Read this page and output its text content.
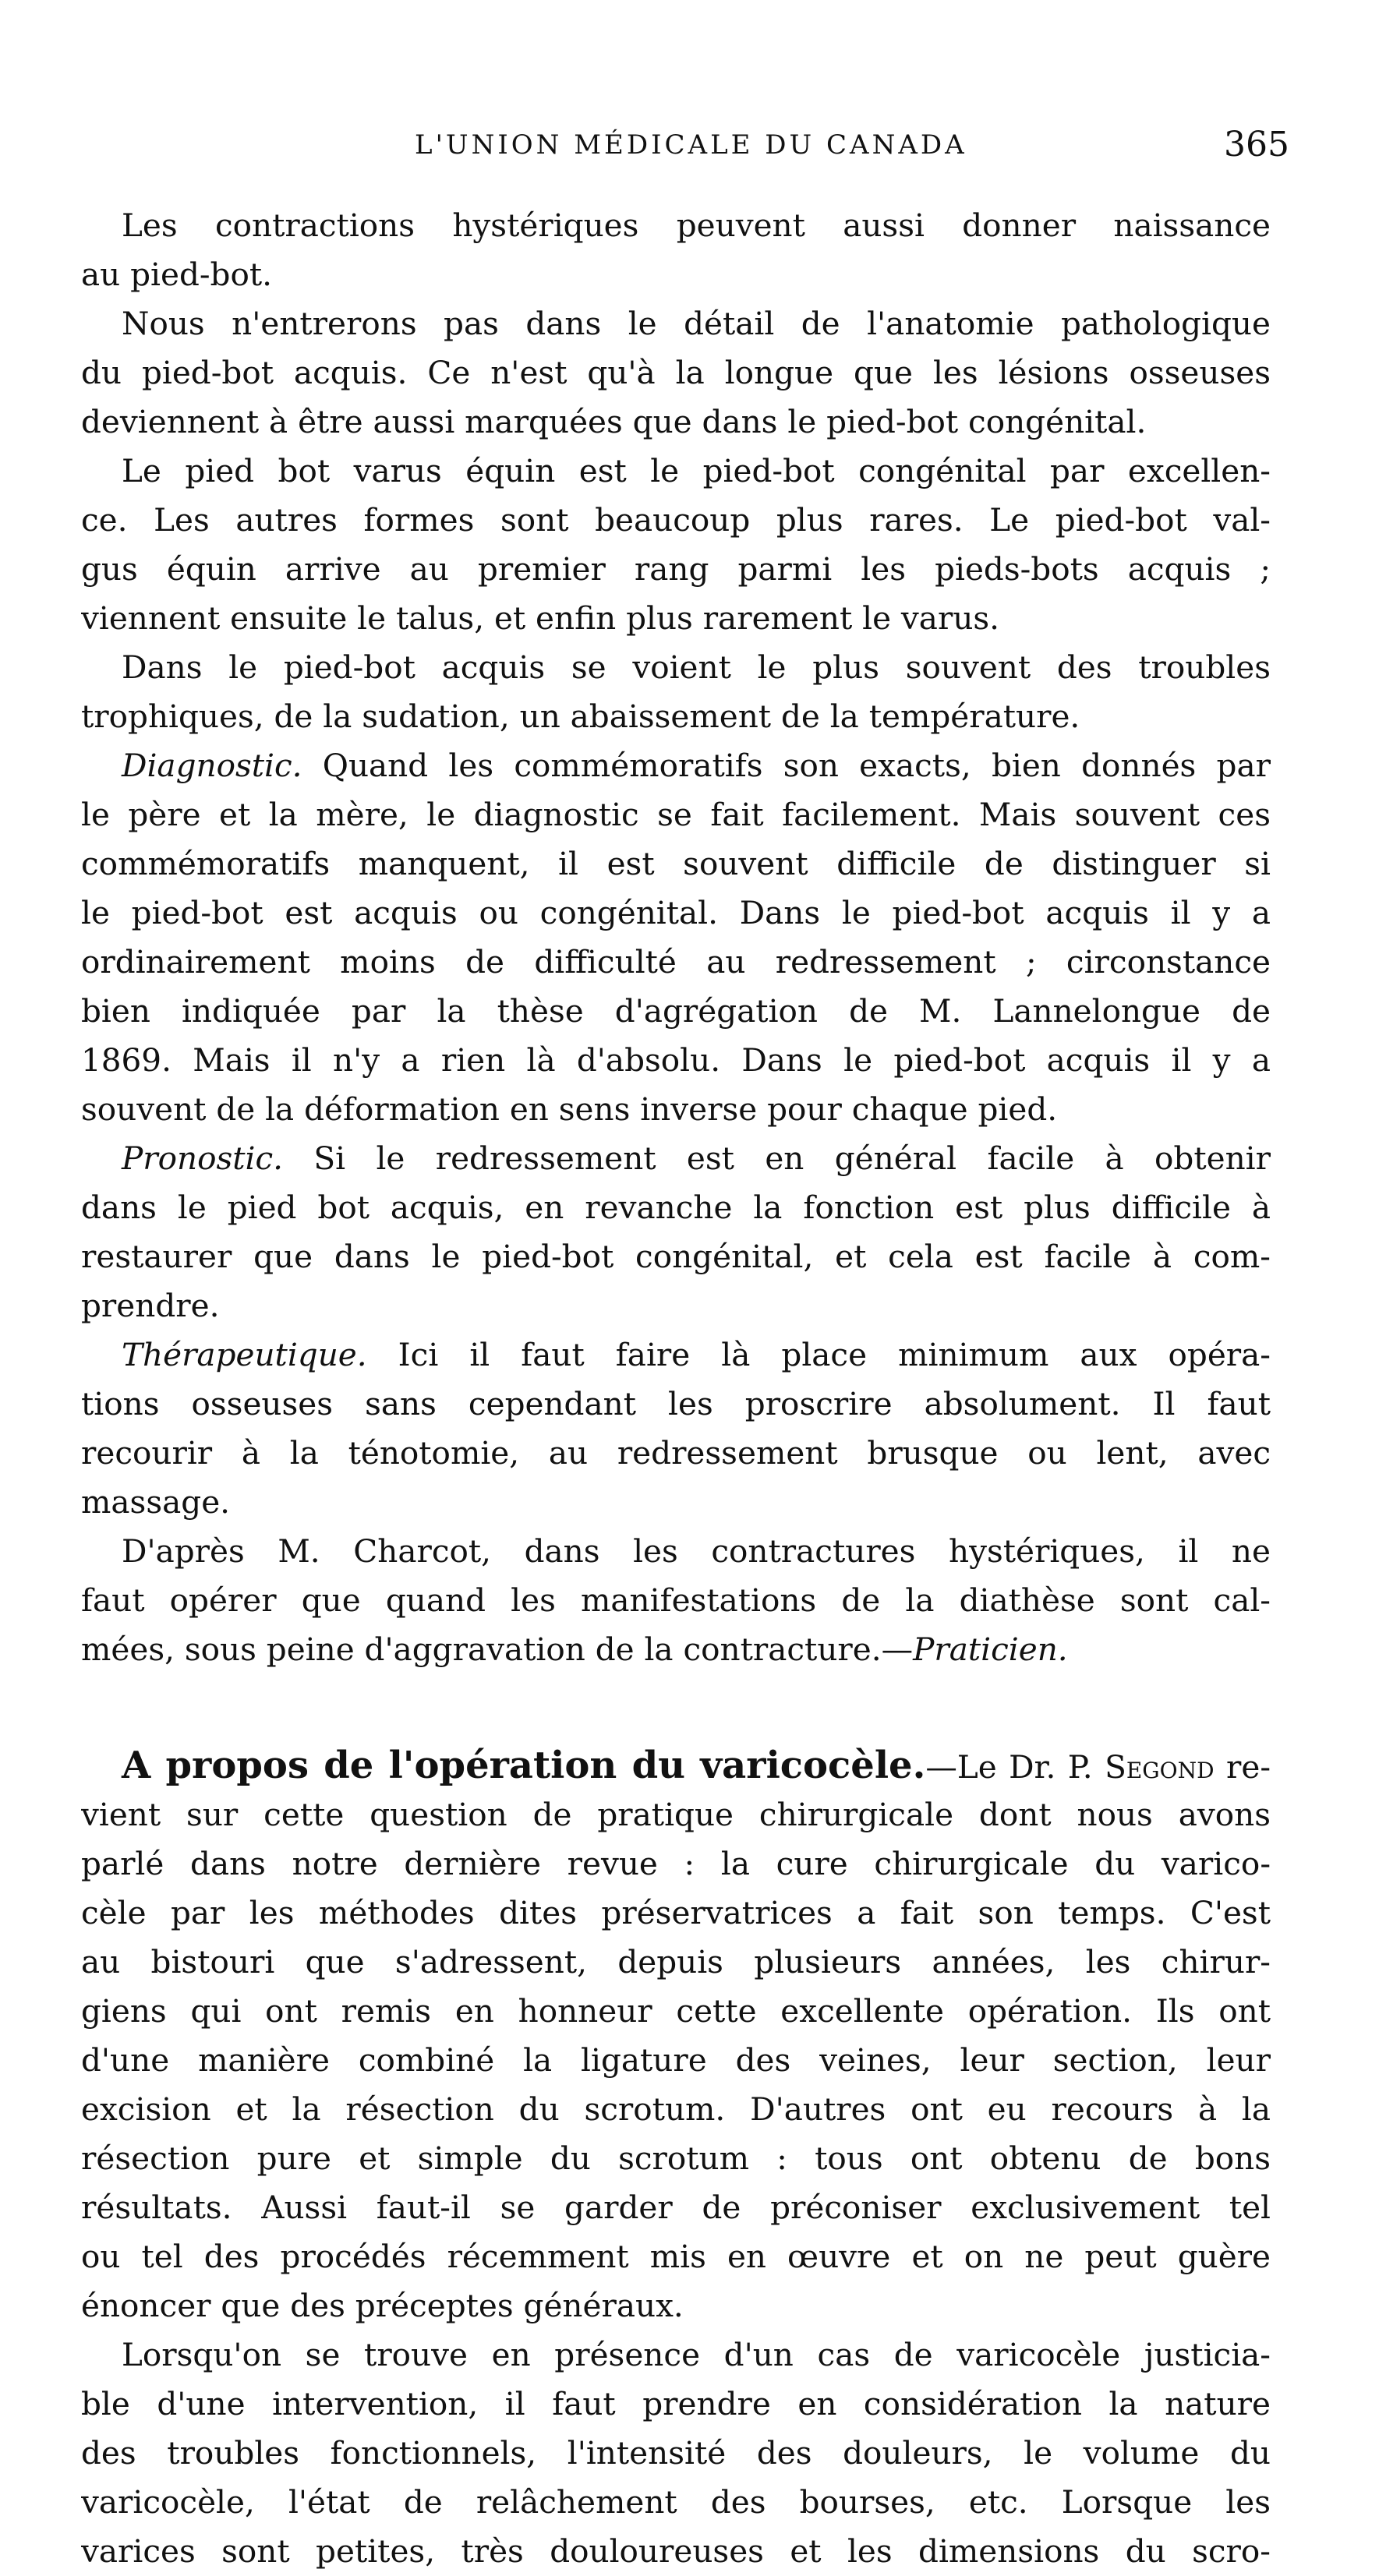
L'UNION MÉDICALE DU CANADA	365
Les contractions hystériques peuvent aussi donner naissance
au pied-bot.
Nous n'entrerons pas dans le détail de l'anatomie pathologique
du pied-bot acquis. Ce n'est qu'à la longue que les lésions osseuses
deviennent à être aussi marquées que dans le pied-bot congénital.
Le pied bot varus équin est le pied-bot congénital par excellen-
ce. Les autres formes sont beaucoup plus rares. Le pied-bot val-
gus équin arrive au premier rang parmi les pieds-bots acquis ;
viennent ensuite le talus, et enfin plus rarement le varus.
Dans le pied-bot acquis se voient le plus souvent des troubles
trophiques, de la sudation, un abaissement de la température.
Diagnostic. Quand les commémoratifs son exacts, bien donnés par
le père et la mère, le diagnostic se fait facilement. Mais souvent ces
commémoratifs manquent, il est souvent difficile de distinguer si
le pied-bot est acquis ou congénital. Dans le pied-bot acquis il y a
ordinairement moins de difficulté au redressement ; circonstance
bien indiquée par la thèse d'agrégation de M. Lannelongue de
1869. Mais il n'y a rien là d'absolu. Dans le pied-bot acquis il y a
souvent de la déformation en sens inverse pour chaque pied.
Pronostic. Si le redressement est en général facile à obtenir
dans le pied bot acquis, en revanche la fonction est plus difficile à
restaurer que dans le pied-bot congénital, et cela est facile à com-
prendre.
Thérapeutique. Ici il faut faire là place minimum aux opéra-
tions osseuses sans cependant les proscrire absolument. Il faut
recourir à la ténotomie, au redressement brusque ou lent, avec
massage.
D'après M. Charcot, dans les contractures hystériques, il ne
faut opérer que quand les manifestations de la diathèse sont cal-
mées, sous peine d'aggravation de la contracture.—Praticien.
A propos de l'opération du varicocèle.—Le Dr. P. Segond re-
vient sur cette question de pratique chirurgicale dont nous avons
parlé dans notre dernière revue : la cure chirurgicale du varico-
cèle par les méthodes dites préservatrices a fait son temps. C'est
au bistouri que s'adressent, depuis plusieurs années, les chirur-
giens qui ont remis en honneur cette excellente opération. Ils ont
d'une manière combiné la ligature des veines, leur section, leur
excision et la résection du scrotum. D'autres ont eu recours à la
résection pure et simple du scrotum : tous ont obtenu de bons
résultats. Aussi faut-il se garder de préconiser exclusivement tel
ou tel des procédés récemment mis en œuvre et on ne peut guère
énoncer que des préceptes généraux.
Lorsqu'on se trouve en présence d'un cas de varicocèle justicia-
ble d'une intervention, il faut prendre en considération la nature
des troubles fonctionnels, l'intensité des douleurs, le volume du
varicocèle, l'état de relâchement des bourses, etc. Lorsque les
varices sont petites, très douloureuses et les dimensions du scro-
